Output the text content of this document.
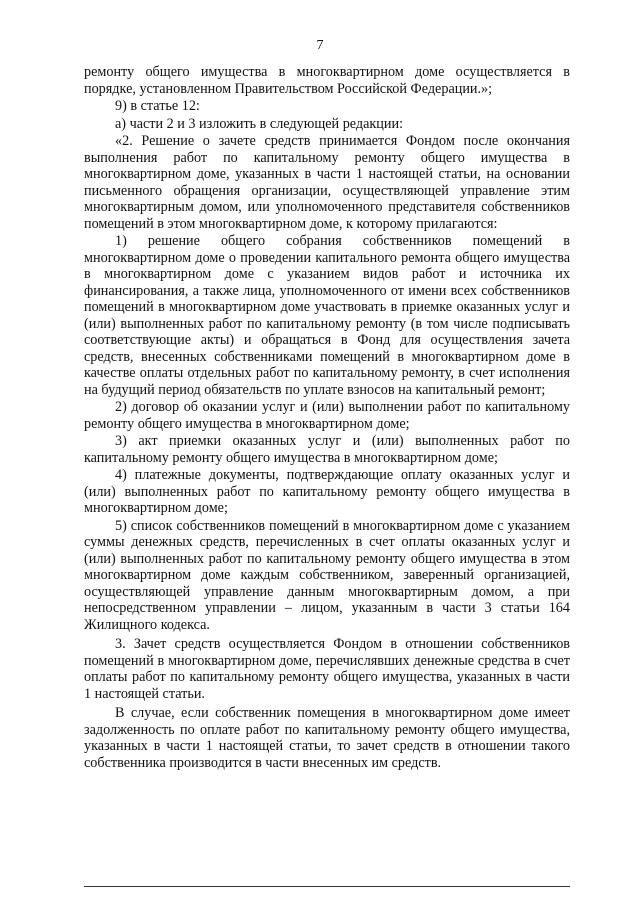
7

ремонту общего имущества в многоквартирном доме осуществляется в порядке, установленном Правительством Российской Федерации.»;

9) в статье 12:

а) части 2 и 3 изложить в следующей редакции:

«2. Решение о зачете средств принимается Фондом после окончания выполнения работ по капитальному ремонту общего имущества в многоквартирном доме, указанных в части 1 настоящей статьи, на основании письменного обращения организации, осуществляющей управление этим многоквартирным домом, или уполномоченного представителя собственников помещений в этом многоквартирном доме, к которому прилагаются:

1) решение общего собрания собственников помещений в многоквартирном доме о проведении капитального ремонта общего имущества в многоквартирном доме с указанием видов работ и источника их финансирования, а также лица, уполномоченного от имени всех собственников помещений в многоквартирном доме участвовать в приемке оказанных услуг и (или) выполненных работ по капитальному ремонту (в том числе подписывать соответствующие акты) и обращаться в Фонд для осуществления зачета средств, внесенных собственниками помещений в многоквартирном доме в качестве оплаты отдельных работ по капитальному ремонту, в счет исполнения на будущий период обязательств по уплате взносов на капитальный ремонт;

2) договор об оказании услуг и (или) выполнении работ по капитальному ремонту общего имущества в многоквартирном доме;

3) акт приемки оказанных услуг и (или) выполненных работ по капитальному ремонту общего имущества в многоквартирном доме;

4) платежные документы, подтверждающие оплату оказанных услуг и (или) выполненных работ по капитальному ремонту общего имущества в многоквартирном доме;

5) список собственников помещений в многоквартирном доме с указанием суммы денежных средств, перечисленных в счет оплаты оказанных услуг и (или) выполненных работ по капитальному ремонту общего имущества в этом многоквартирном доме каждым собственником, заверенный организацией, осуществляющей управление данным многоквартирным домом, а при непосредственном управлении – лицом, указанным в части 3 статьи 164 Жилищного кодекса.

3. Зачет средств осуществляется Фондом в отношении собственников помещений в многоквартирном доме, перечислявших денежные средства в счет оплаты работ по капитальному ремонту общего имущества, указанных в части 1 настоящей статьи.

В случае, если собственник помещения в многоквартирном доме имеет задолженность по оплате работ по капитальному ремонту общего имущества, указанных в части 1 настоящей статьи, то зачет средств в отношении такого собственника производится в части внесенных им средств.
